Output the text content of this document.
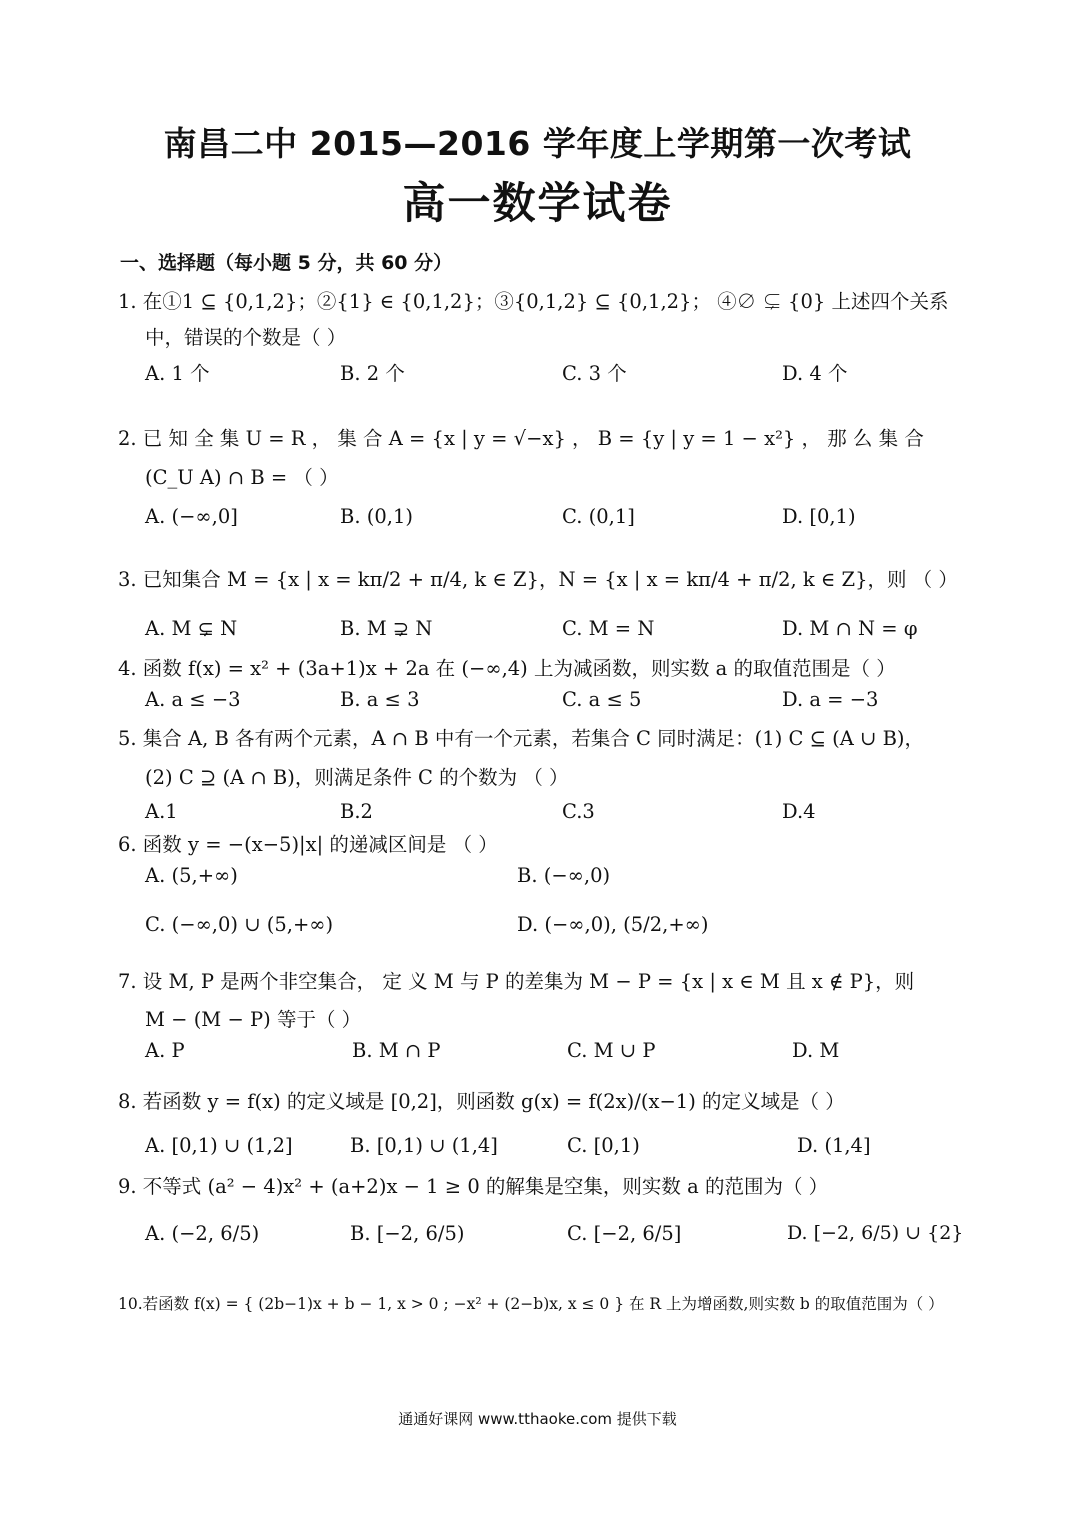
南昌二中 2015—2016 学年度上学期第一次考试
高一数学试卷
一、选择题（每小题 5 分，共 60 分）
1. 在①1 ⊆ {0,1,2}；②{1} ∈ {0,1,2}；③{0,1,2} ⊆ {0,1,2}； ④∅ ⊊ {0} 上述四个关系
中，错误的个数是（ ）
A. 1 个	B. 2 个	C. 3 个	D. 4 个
2. 已 知 全 集 U = R ， 集 合 A = {x | y = √−x} ， B = {y | y = 1 − x²} ， 那 么 集 合
(C_U A) ∩ B = （ ）
A. (−∞,0]	B. (0,1)	C. (0,1]	D. [0,1)
3. 已知集合 M = {x | x = kπ/2 + π/4, k ∈ Z}，N = {x | x = kπ/4 + π/2, k ∈ Z}，则 （ ）
A. M ⊊ N	B. M ⊋ N	C. M = N	D. M ∩ N = φ
4. 函数 f(x) = x² + (3a+1)x + 2a 在 (−∞,4) 上为减函数，则实数 a 的取值范围是（ ）
A. a ≤ −3	B. a ≤ 3	C. a ≤ 5	D. a = −3
5. 集合 A, B 各有两个元素，A ∩ B 中有一个元素，若集合 C 同时满足：(1) C ⊆ (A ∪ B)，
(2) C ⊇ (A ∩ B)，则满足条件 C 的个数为 （ ）
A.1	B.2	C.3	D.4
6. 函数 y = −(x−5)|x| 的递减区间是 （ ）
A. (5,+∞)	B. (−∞,0)
C. (−∞,0) ∪ (5,+∞)	D. (−∞,0), (5/2,+∞)
7. 设 M, P 是两个非空集合， 定 义 M 与 P 的差集为 M − P = {x | x ∈ M 且 x ∉ P}，则
M − (M − P) 等于（ ）
A. P	B. M ∩ P	C. M ∪ P	D. M
8. 若函数 y = f(x) 的定义域是 [0,2]，则函数 g(x) = f(2x)/(x−1) 的定义域是（ ）
A. [0,1) ∪ (1,2]	B. [0,1) ∪ (1,4]	C. [0,1)	D. (1,4]
9. 不等式 (a² − 4)x² + (a+2)x − 1 ≥ 0 的解集是空集，则实数 a 的范围为（ ）
A. (−2, 6/5)	B. [−2, 6/5)	C. [−2, 6/5]	D. [−2, 6/5) ∪ {2}
10.若函数 f(x) = { (2b−1)x + b − 1, x > 0 ; −x² + (2−b)x, x ≤ 0 } 在 R 上为增函数,则实数 b 的取值范围为（ ）
通通好课网 www.tthaoke.com 提供下载
